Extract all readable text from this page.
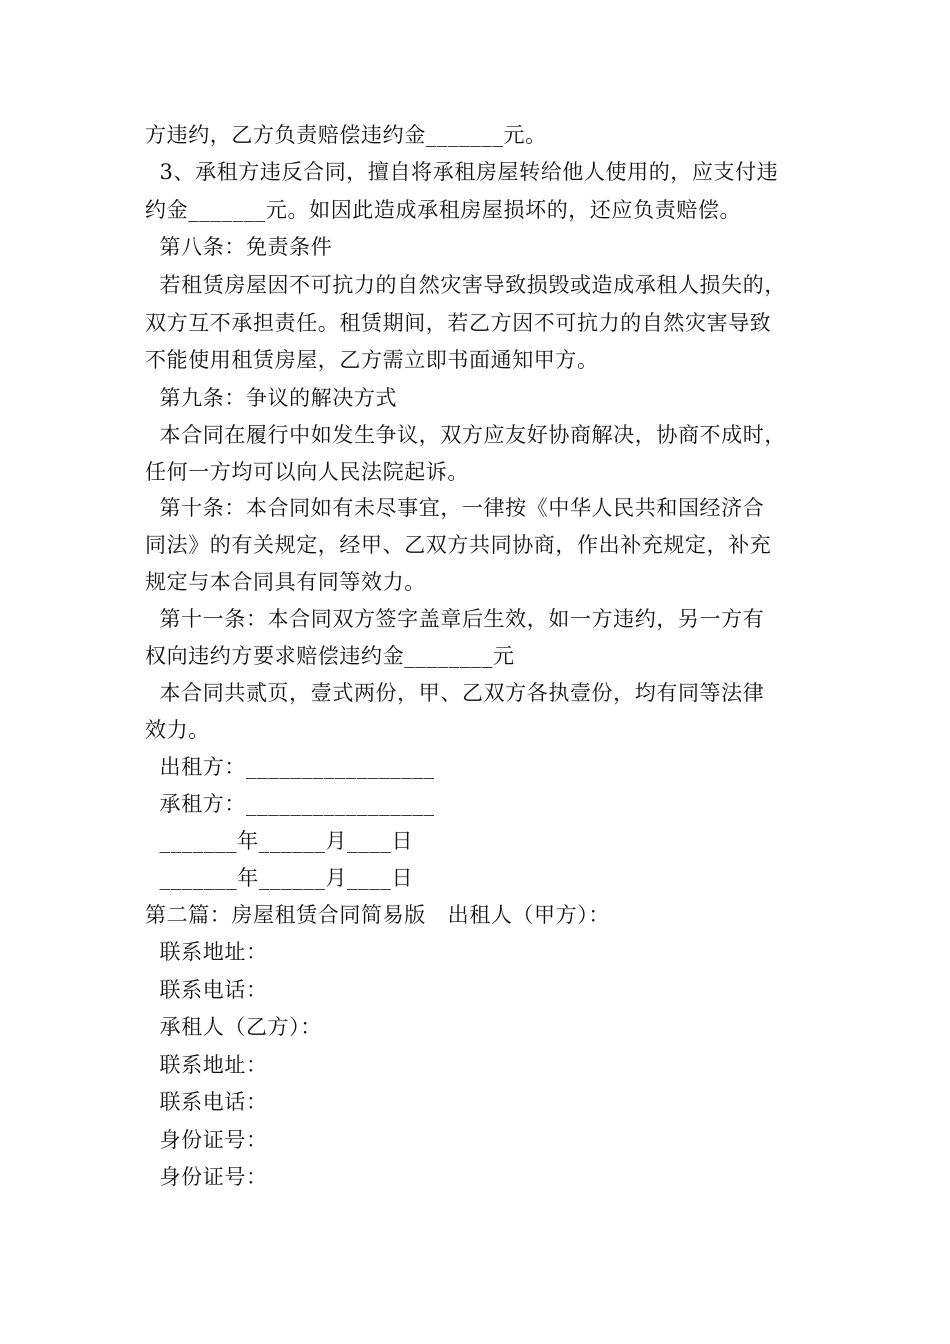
方违约，乙方负责赔偿违约金_______元。
3、承租方违反合同，擅自将承租房屋转给他人使用的，应支付违
约金_______元。如因此造成承租房屋损坏的，还应负责赔偿。
第八条：免责条件
若租赁房屋因不可抗力的自然灾害导致损毁或造成承租人损失的，
双方互不承担责任。租赁期间，若乙方因不可抗力的自然灾害导致
不能使用租赁房屋，乙方需立即书面通知甲方。
第九条：争议的解决方式
本合同在履行中如发生争议，双方应友好协商解决，协商不成时，
任何一方均可以向人民法院起诉。
第十条：本合同如有未尽事宜，一律按《中华人民共和国经济合
同法》的有关规定，经甲、乙双方共同协商，作出补充规定，补充
规定与本合同具有同等效力。
第十一条：本合同双方签字盖章后生效，如一方违约，另一方有
权向违约方要求赔偿违约金________元
本合同共贰页，壹式两份，甲、乙双方各执壹份，均有同等法律
效力。
出租方：_________________
承租方：_________________
_______年______月____日
_______年______月____日
第二篇：房屋租赁合同简易版   出租人（甲方）：
联系地址：
联系电话：
承租人（乙方）：
联系地址：
联系电话：
身份证号：
身份证号：
